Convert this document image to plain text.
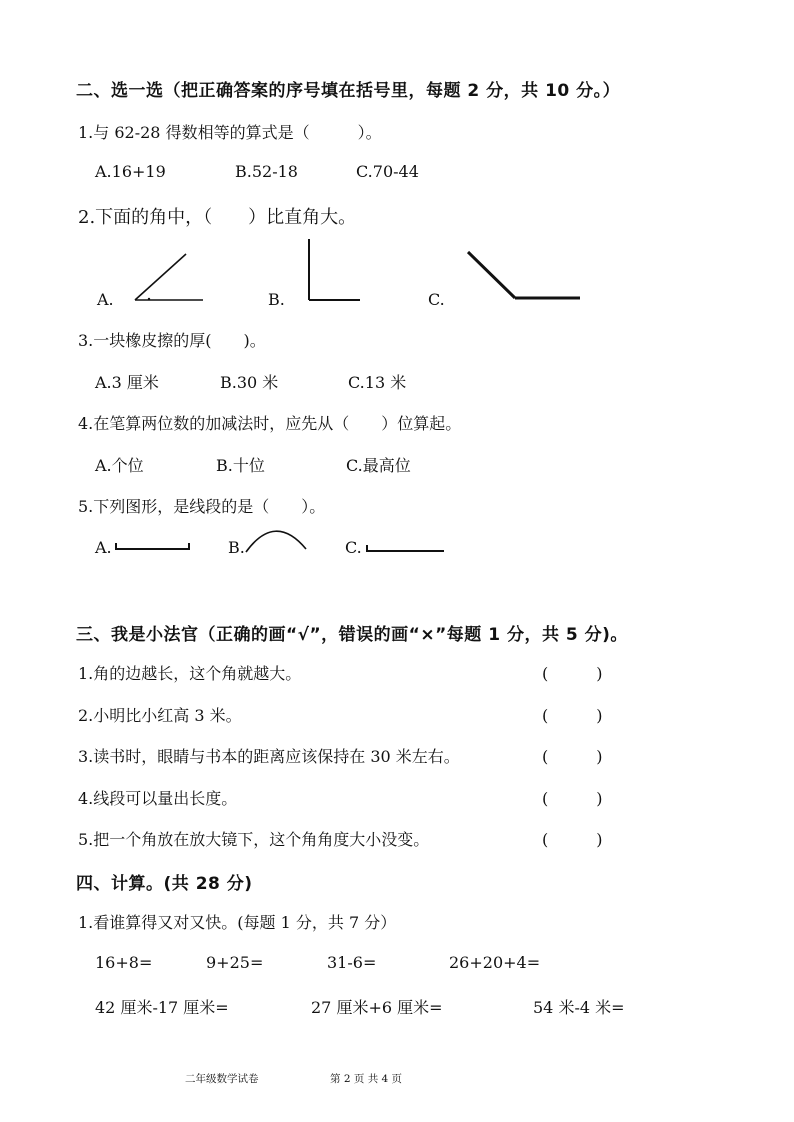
二、选一选（把正确答案的序号填在括号里，每题 2 分，共 10 分。）
1.与 62-28 得数相等的算式是（　　　）。
A.16+19	B.52-18	C.70-44
2.下面的角中，（　　）比直角大。
A.	B.	C.
3.一块橡皮擦的厚(　　)。
A.3 厘米	B.30 米	C.13 米
4.在笔算两位数的加减法时，应先从（　　）位算起。
A.个位	B.十位	C.最高位
5.下列图形，是线段的是（　　）。
A.	B.	C.
三、我是小法官（正确的画“√”，错误的画“×”每题 1 分，共 5 分)。
1.角的边越长，这个角就越大。	(　　　)
2.小明比小红高 3 米。	(　　　)
3.读书时，眼睛与书本的距离应该保持在 30 米左右。	(　　　)
4.线段可以量出长度。	(　　　)
5.把一个角放在放大镜下，这个角角度大小没变。	(　　　)
四、计算。(共 28 分)
1.看谁算得又对又快。(每题 1 分，共 7 分）
16+8=	9+25=	31-6=	26+20+4=
42 厘米-17 厘米=	27 厘米+6 厘米=	54 米-4 米=
二年级数学试卷	第 2 页 共 4 页
